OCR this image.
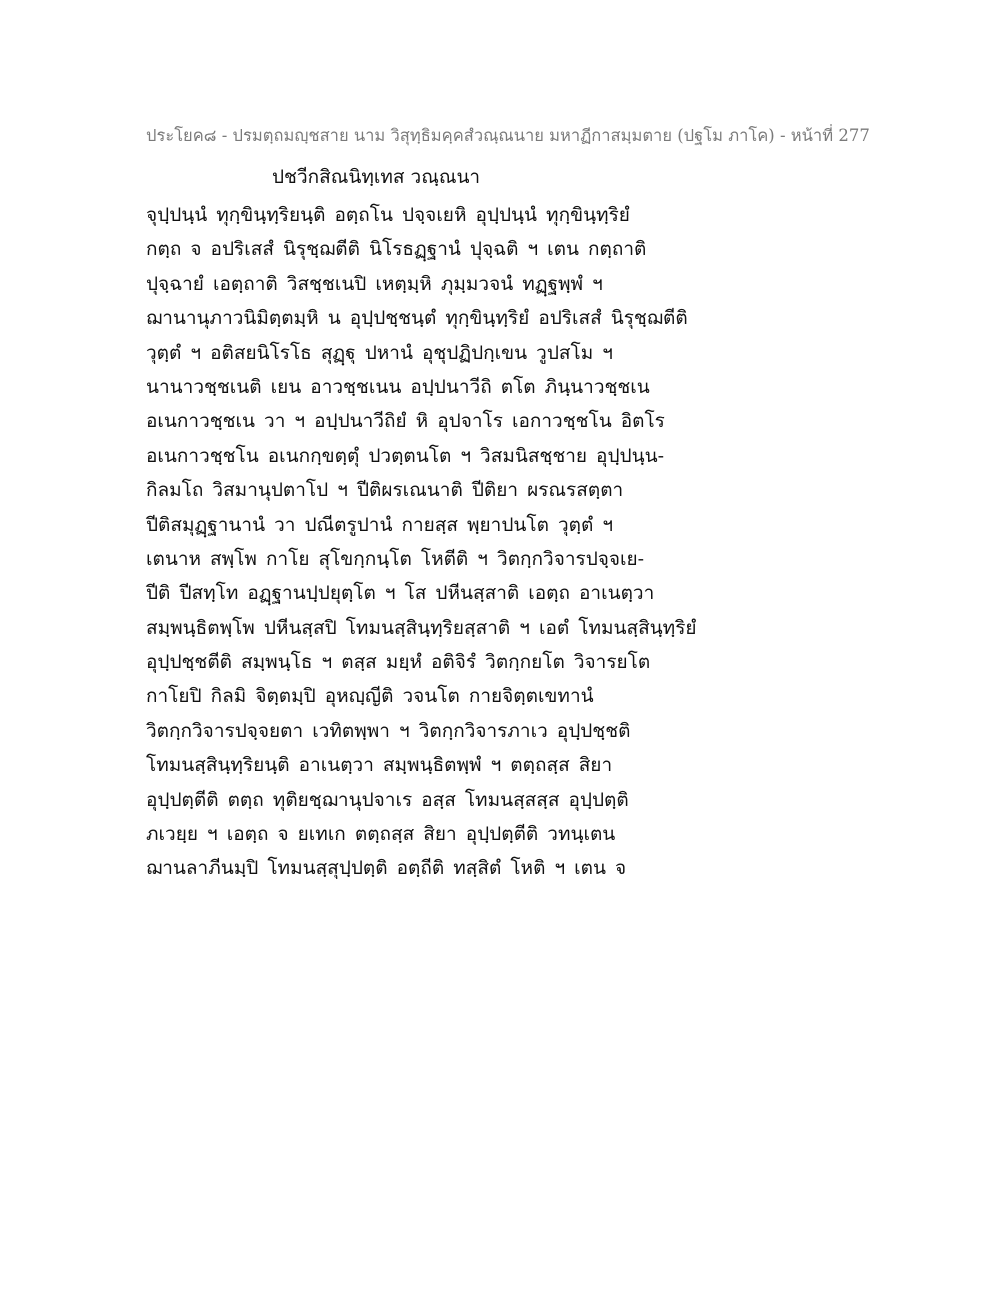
ประโยค๘ - ปรมตฺถมญฺชสาย นาม วิสุทฺธิมคฺคสํวณฺณนาย มหาฏีกาสมฺมตาย (ปฐโม ภาโค) - หน้าที่ 277
ปชวีกสิณนิทฺเทส วณฺณนา
จุปฺปนฺนํ ทุกฺขินฺทฺริยนฺติ อตฺถโน ปจฺจเยหิ อุปฺปนฺนํ ทุกฺขินฺทฺริยํ
กตฺถ จ อปริเสสํ นิรุชฺฌตีติ นิโรธฏฺฐานํ ปุจฺฉติ ฯ เตน กตฺถาติ
ปุจฺฉายํ เอตฺถาติ วิสชฺชเนปิ เหตฺมฺหิ ภุมฺมวจนํ ทฏฺฐพฺพํ ฯ
ฌานานุภาวนิมิตฺตมฺหิ น อุปฺปชฺชนฺตํ ทุกฺขินฺทฺริยํ อปริเสสํ นิรุชฺฌตีติ
วุตฺตํ ฯ อติสยนิโรโธ สุฏฺฐุ ปหานํ อุชุปฏิปกฺเขน วูปสโม ฯ
นานาวชฺชเนติ เยน อาวชฺชเนน อปฺปนาวีถิ ตโต ภินฺนาวชฺชเน
อเนกาวชฺชเน วา ฯ อปฺปนาวีถิยํ หิ อุปจาโร เอกาวชฺชโน อิตโร
อเนกาวชฺชโน อเนกกฺขตฺตุํ ปวตฺตนโต ฯ วิสมนิสชฺชาย อุปฺปนฺน-
กิลมโถ วิสมานุปตาโป ฯ ปีติผรเณนาติ ปีติยา ผรณรสตฺตา
ปีติสมุฏฺฐานานํ วา ปณีตรูปานํ กายสฺส พฺยาปนโต วุตฺตํ ฯ
เตนาห สพฺโพ กาโย สุโขกฺกนฺโต โหตีติ ฯ วิตกฺกวิจารปจฺจเย-
ปีติ ปีสทฺโท อฏฺฐานปฺปยุตฺโต ฯ โส ปหีนสฺสาติ เอตฺถ อาเนตฺวา
สมฺพนฺธิตพฺโพ ปหีนสฺสปิ โทมนสฺสินฺทฺริยสฺสาติ ฯ เอตํ โทมนสฺสินฺทฺริยํ
อุปฺปชฺชตีติ สมฺพนฺโธ ฯ ตสฺส มยฺหํ อติจิรํ วิตกฺกยโต วิจารยโต
กาโยปิ กิลมิ จิตฺตมฺปิ อุหญฺญีติ วจนโต กายจิตฺตเขทานํ
วิตกฺกวิจารปจฺจยตา เวทิตพฺพา ฯ วิตกฺกวิจารภาเว อุปฺปชฺชติ
โทมนสฺสินฺทฺริยนฺติ อาเนตฺวา สมฺพนฺธิตพฺพํ ฯ ตตฺถสฺส สิยา
อุปฺปตฺตีติ ตตฺถ ทุติยชฺฌานุปจาเร อสฺส โทมนสฺสสฺส อุปฺปตฺติ
ภเวยฺย ฯ เอตฺถ จ ยเทเก ตตฺถสฺส สิยา อุปฺปตฺตีติ วทนฺเตน
ฌานลาภีนมฺปิ โทมนสฺสุปฺปตฺติ อตฺถีติ ทสฺสิตํ โหติ ฯ เตน จ
